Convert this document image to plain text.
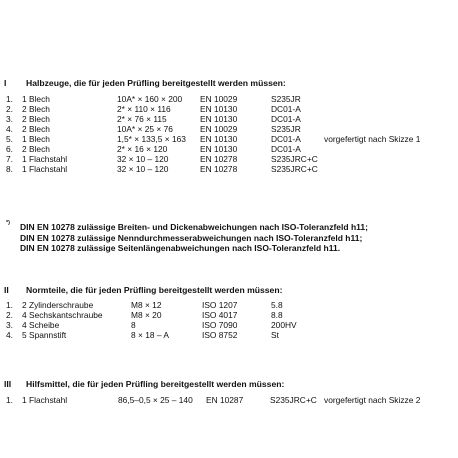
I Halbzeuge, die für jeden Prüfling bereitgestellt werden müssen:
1. 1 Blech	10A* × 160 × 200 EN 10029	S235JR
2. 2 Blech	2* × 110 × 116	EN 10130	DC01-A
3. 2 Blech	2* × 76 × 115	EN 10130	DC01-A
4. 2 Blech	10A* × 25 × 76	EN 10029	S235JR
5. 1 Blech	1,5* × 133,5 × 163 EN 10130	DC01-A	vorgefertigt nach Skizze 1
6. 2 Blech	2* × 16 × 120	EN 10130	DC01-A
7. 1 Flachstahl	32 × 10 – 120	EN 10278	S235JRC+C
8. 1 Flachstahl	32 × 10 – 120	EN 10278	S235JRC+C
*) DIN EN 10278 zulässige Breiten- und Dickenabweichungen nach ISO-Toleranzfeld h11;
DIN EN 10278 zulässige Nenndurchmesserabweichungen nach ISO-Toleranzfeld h11;
DIN EN 10278 zulässige Seitenlängenabweichungen nach ISO-Toleranzfeld h11.
II Normteile, die für jeden Prüfling bereitgestellt werden müssen:
1. 2 Zylinderschraube	M8 × 12	ISO 1207	5.8
2. 4 Sechskantschraube	M8 × 20	ISO 4017	8.8
3. 4 Scheibe	8	ISO 7090	200HV
4. 5 Spannstift	8 × 18 – A	ISO 8752	St
III Hilfsmittel, die für jeden Prüfling bereitgestellt werden müssen:
1. 1 Flachstahl	86,5–0,5 × 25 – 140 EN 10287	S235JRC+C vorgefertigt nach Skizze 2
